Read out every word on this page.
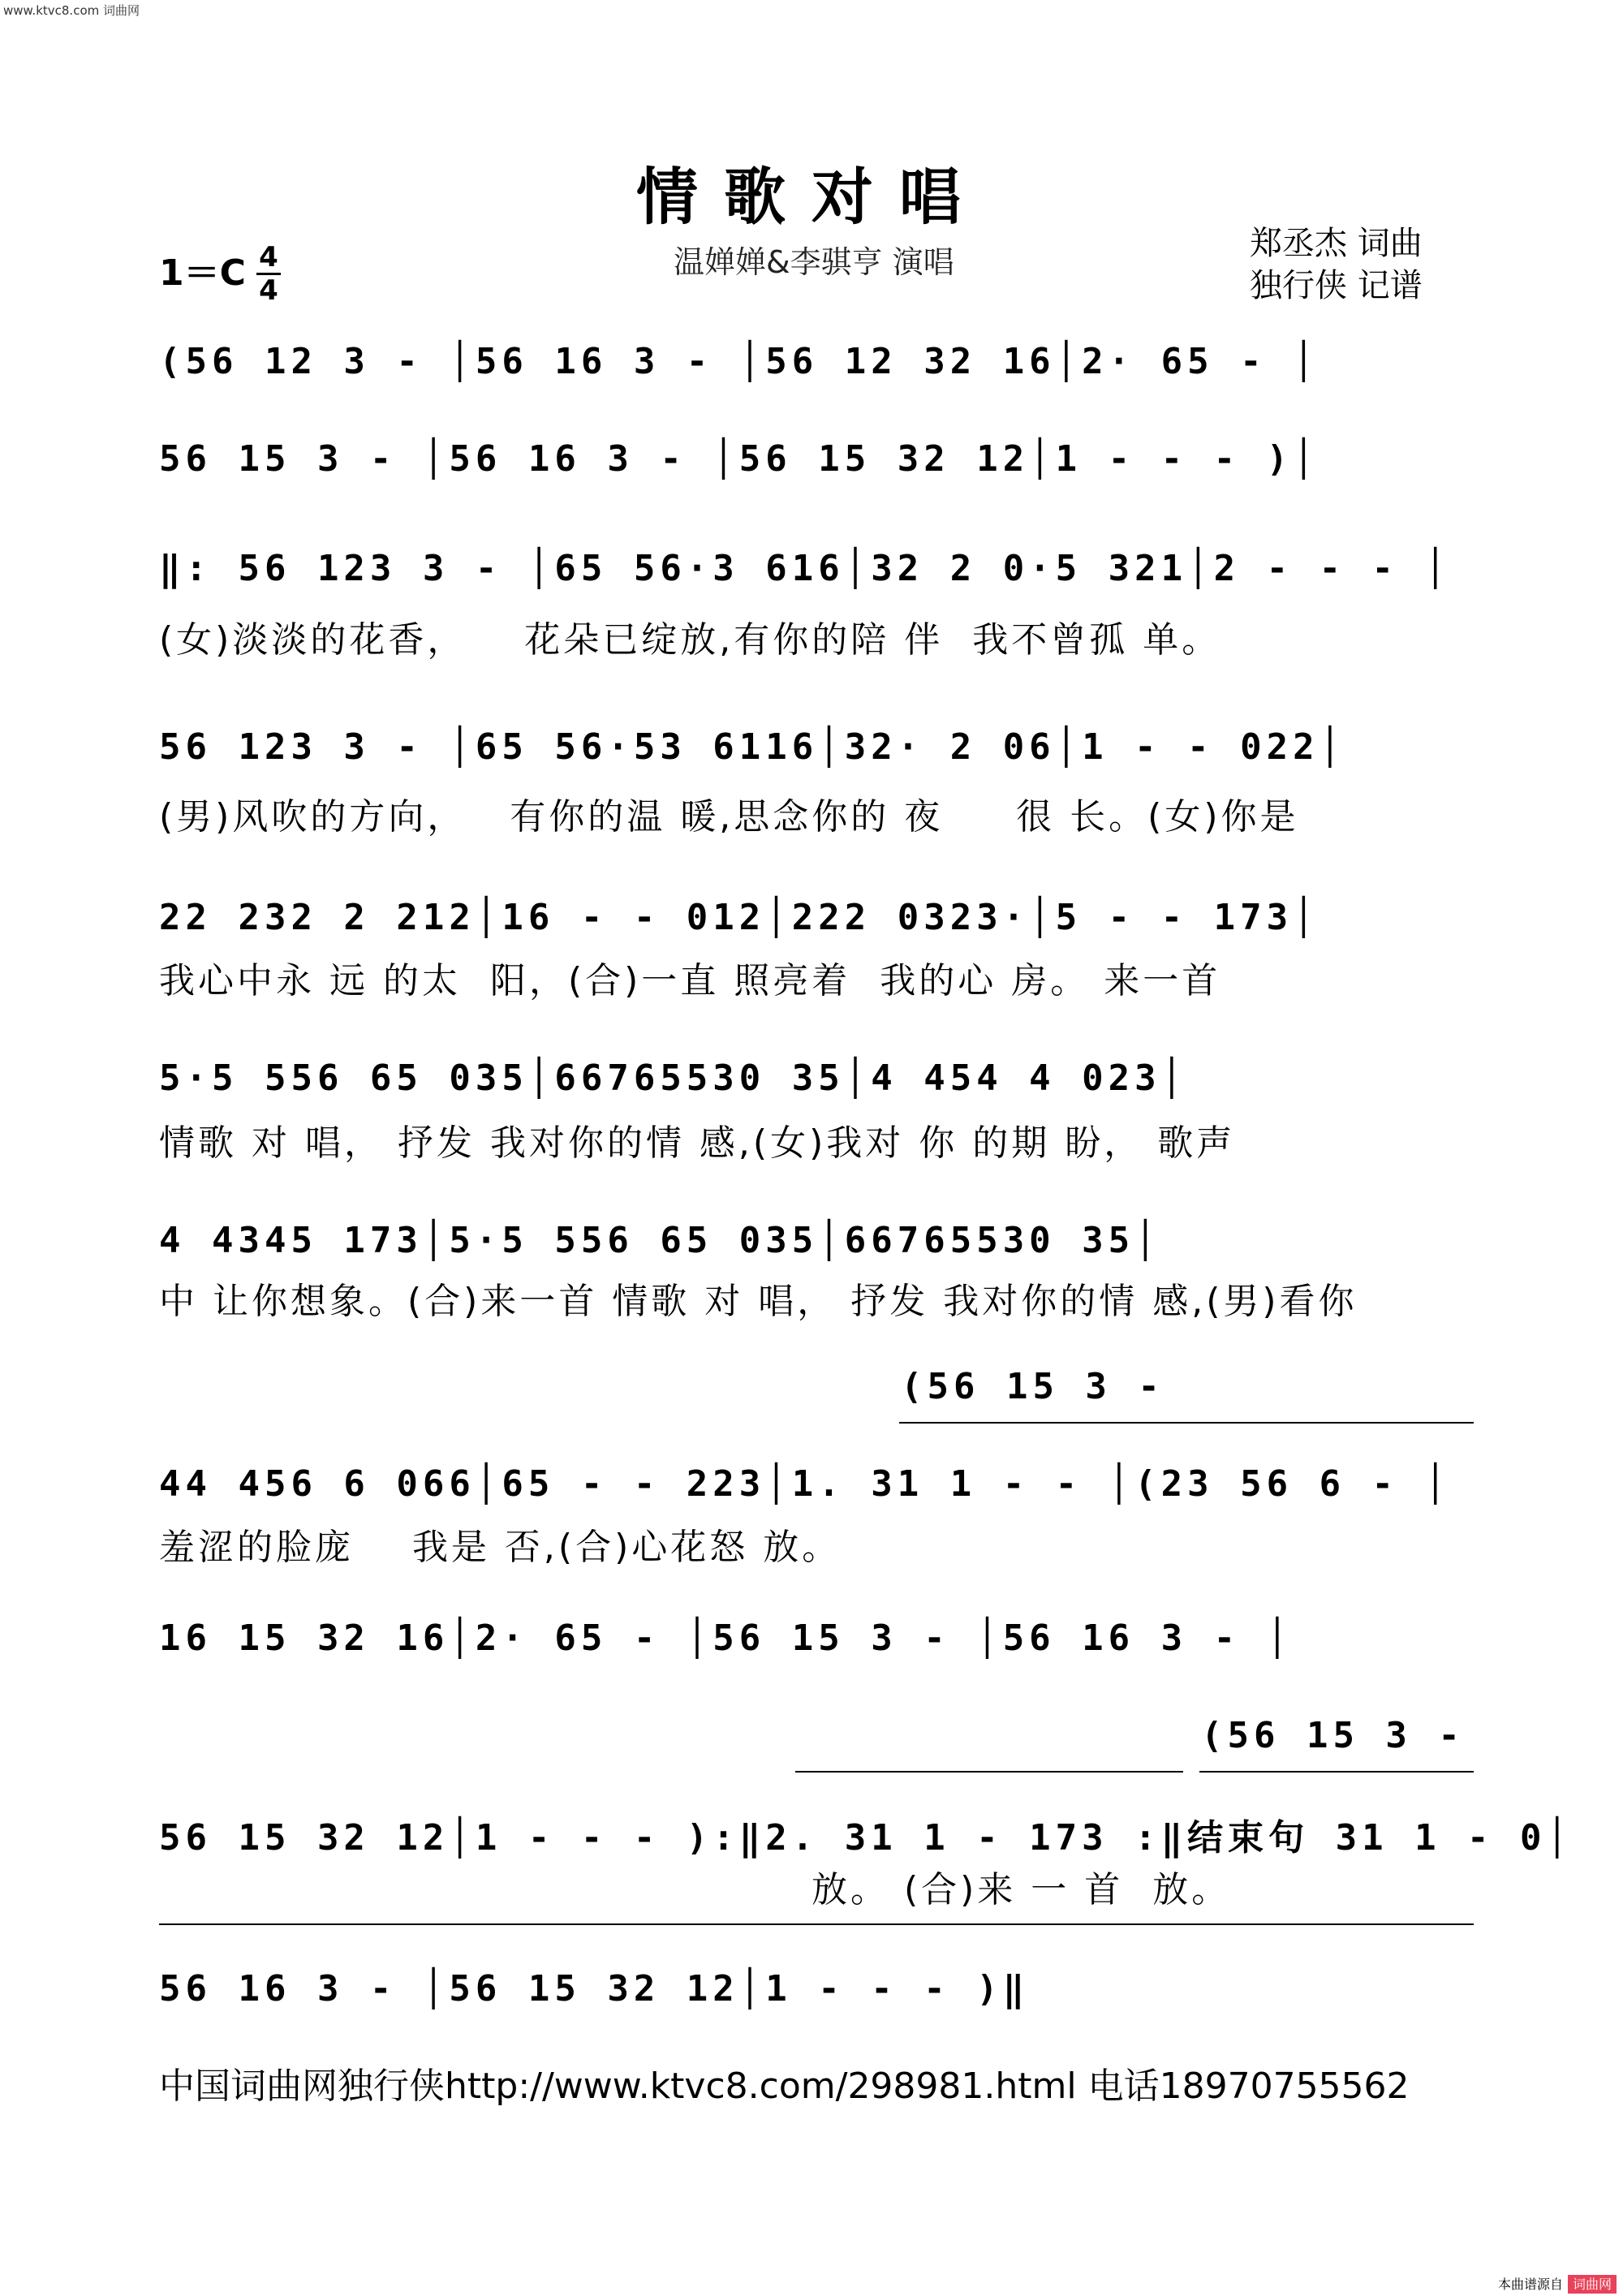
www.ktvc8.com 词曲网
情歌对唱
1＝C 4
4
温婵婵&李骐亨 演唱	郑丞杰 词曲
独行侠 记谱
(56 12 3 - │56 16 3 - │56 12 32 16│2· 65 - │
56 15 3 - │56 16 3 - │56 15 32 12│1 - - - )│
‖: 56 123 3 - │65 56·3 616│32 2 0·5 321│2 - - - │
(女)淡淡的花香，    花朵已绽放,有你的陪 伴  我不曾孤 单。
56 123 3 - │65 56·53 6116│32· 2 06│1 - - 022│
(男)风吹的方向，   有你的温 暖,思念你的 夜     很 长。(女)你是
22 232 2 212│16 - - 012│222 0323·│5 - - 173│
我心中永 远 的太  阳，(合)一直 照亮着  我的心 房。 来一首
5·5 556 65 035│66765530 35│4 454 4 023│
情歌 对 唱， 抒发 我对你的情 感,(女)我对 你 的期 盼， 歌声
4 4345 173│5·5 556 65 035│66765530 35│
中 让你想象。(合)来一首 情歌 对 唱， 抒发 我对你的情 感,(男)看你
(56 15 3 -
44 456 6 066│65 - - 223│1. 31 1 - - │(23 56 6 - │
羞涩的脸庞    我是 否,(合)心花怒 放。
16 15 32 16│2· 65 - │56 15 3 - │56 16 3 - │
(56 15 3 -
56 15 32 12│1 - - - ):‖2. 31 1 - 173 :‖结束句 31 1 - 0│
放。 (合)来 一 首  放。
56 16 3 - │56 15 32 12│1 - - - )‖
中国词曲网独行侠http://www.ktvc8.com/298981.html 电话18970755562
本曲谱源自 词曲网
